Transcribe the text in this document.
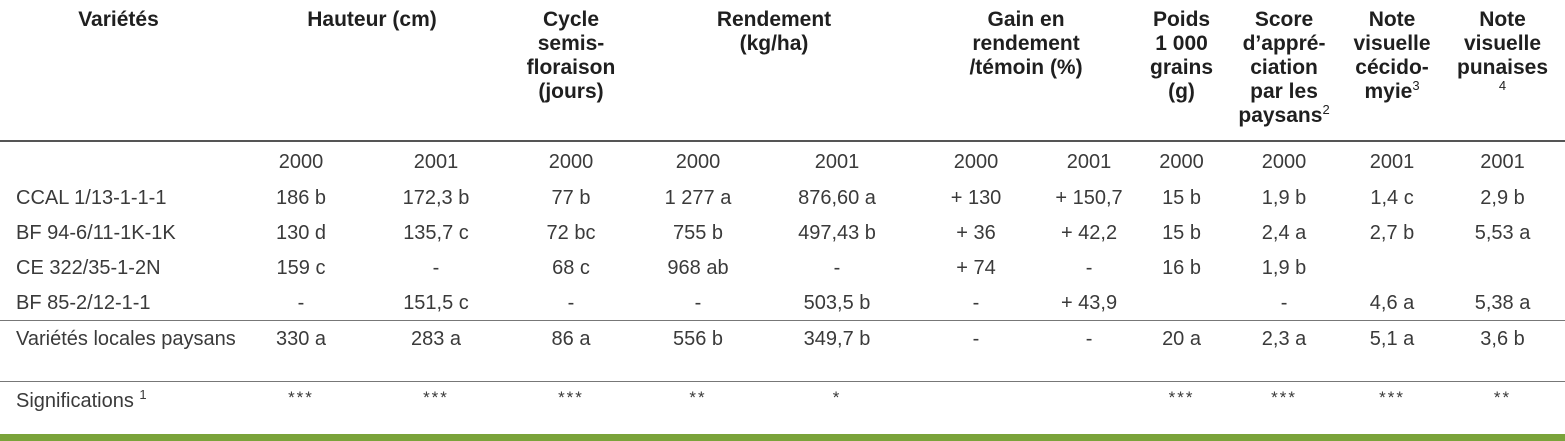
Variétés	Hauteur (cm)		Cycle
semis-
floraison
(jours)	Rendement
(kg/ha)		Gain en
rendement
/témoin (%)		Poids
1 000
grains
(g)	Score
d’appré-
ciation
par les
paysans$^2$	Note
visuelle
cécido-
myie$^3$	Note
visuelle
punaises
$^4$
	2000	2001	2000	2000	2001	2000	2001	2000	2000	2001	2001
CCAL 1/13-1-1-1	186 b	172,3 b	77 b	1 277 a	876,60 a	+ 130	+ 150,7	15 b	1,9 b	1,4 c	2,9 b
BF 94-6/11-1K-1K	130 d	135,7 c	72 bc	755 b	497,43 b	+ 36	+ 42,2	15 b	2,4 a	2,7 b	5,53 a
CE 322/35-1-2N	159 c	-	68 c	968 ab	-	+ 74	-	16 b	1,9 b		
BF 85-2/12-1-1	-	151,5 c	-	-	503,5 b	-	+ 43,9		-	4,6 a	5,38 a
Variétés locales paysans	330 a	283 a	86 a	556 b	349,7 b	-	-	20 a	2,3 a	5,1 a	3,6 b
Significations $^1$	***	***	***	**	*			***	***	***	**
